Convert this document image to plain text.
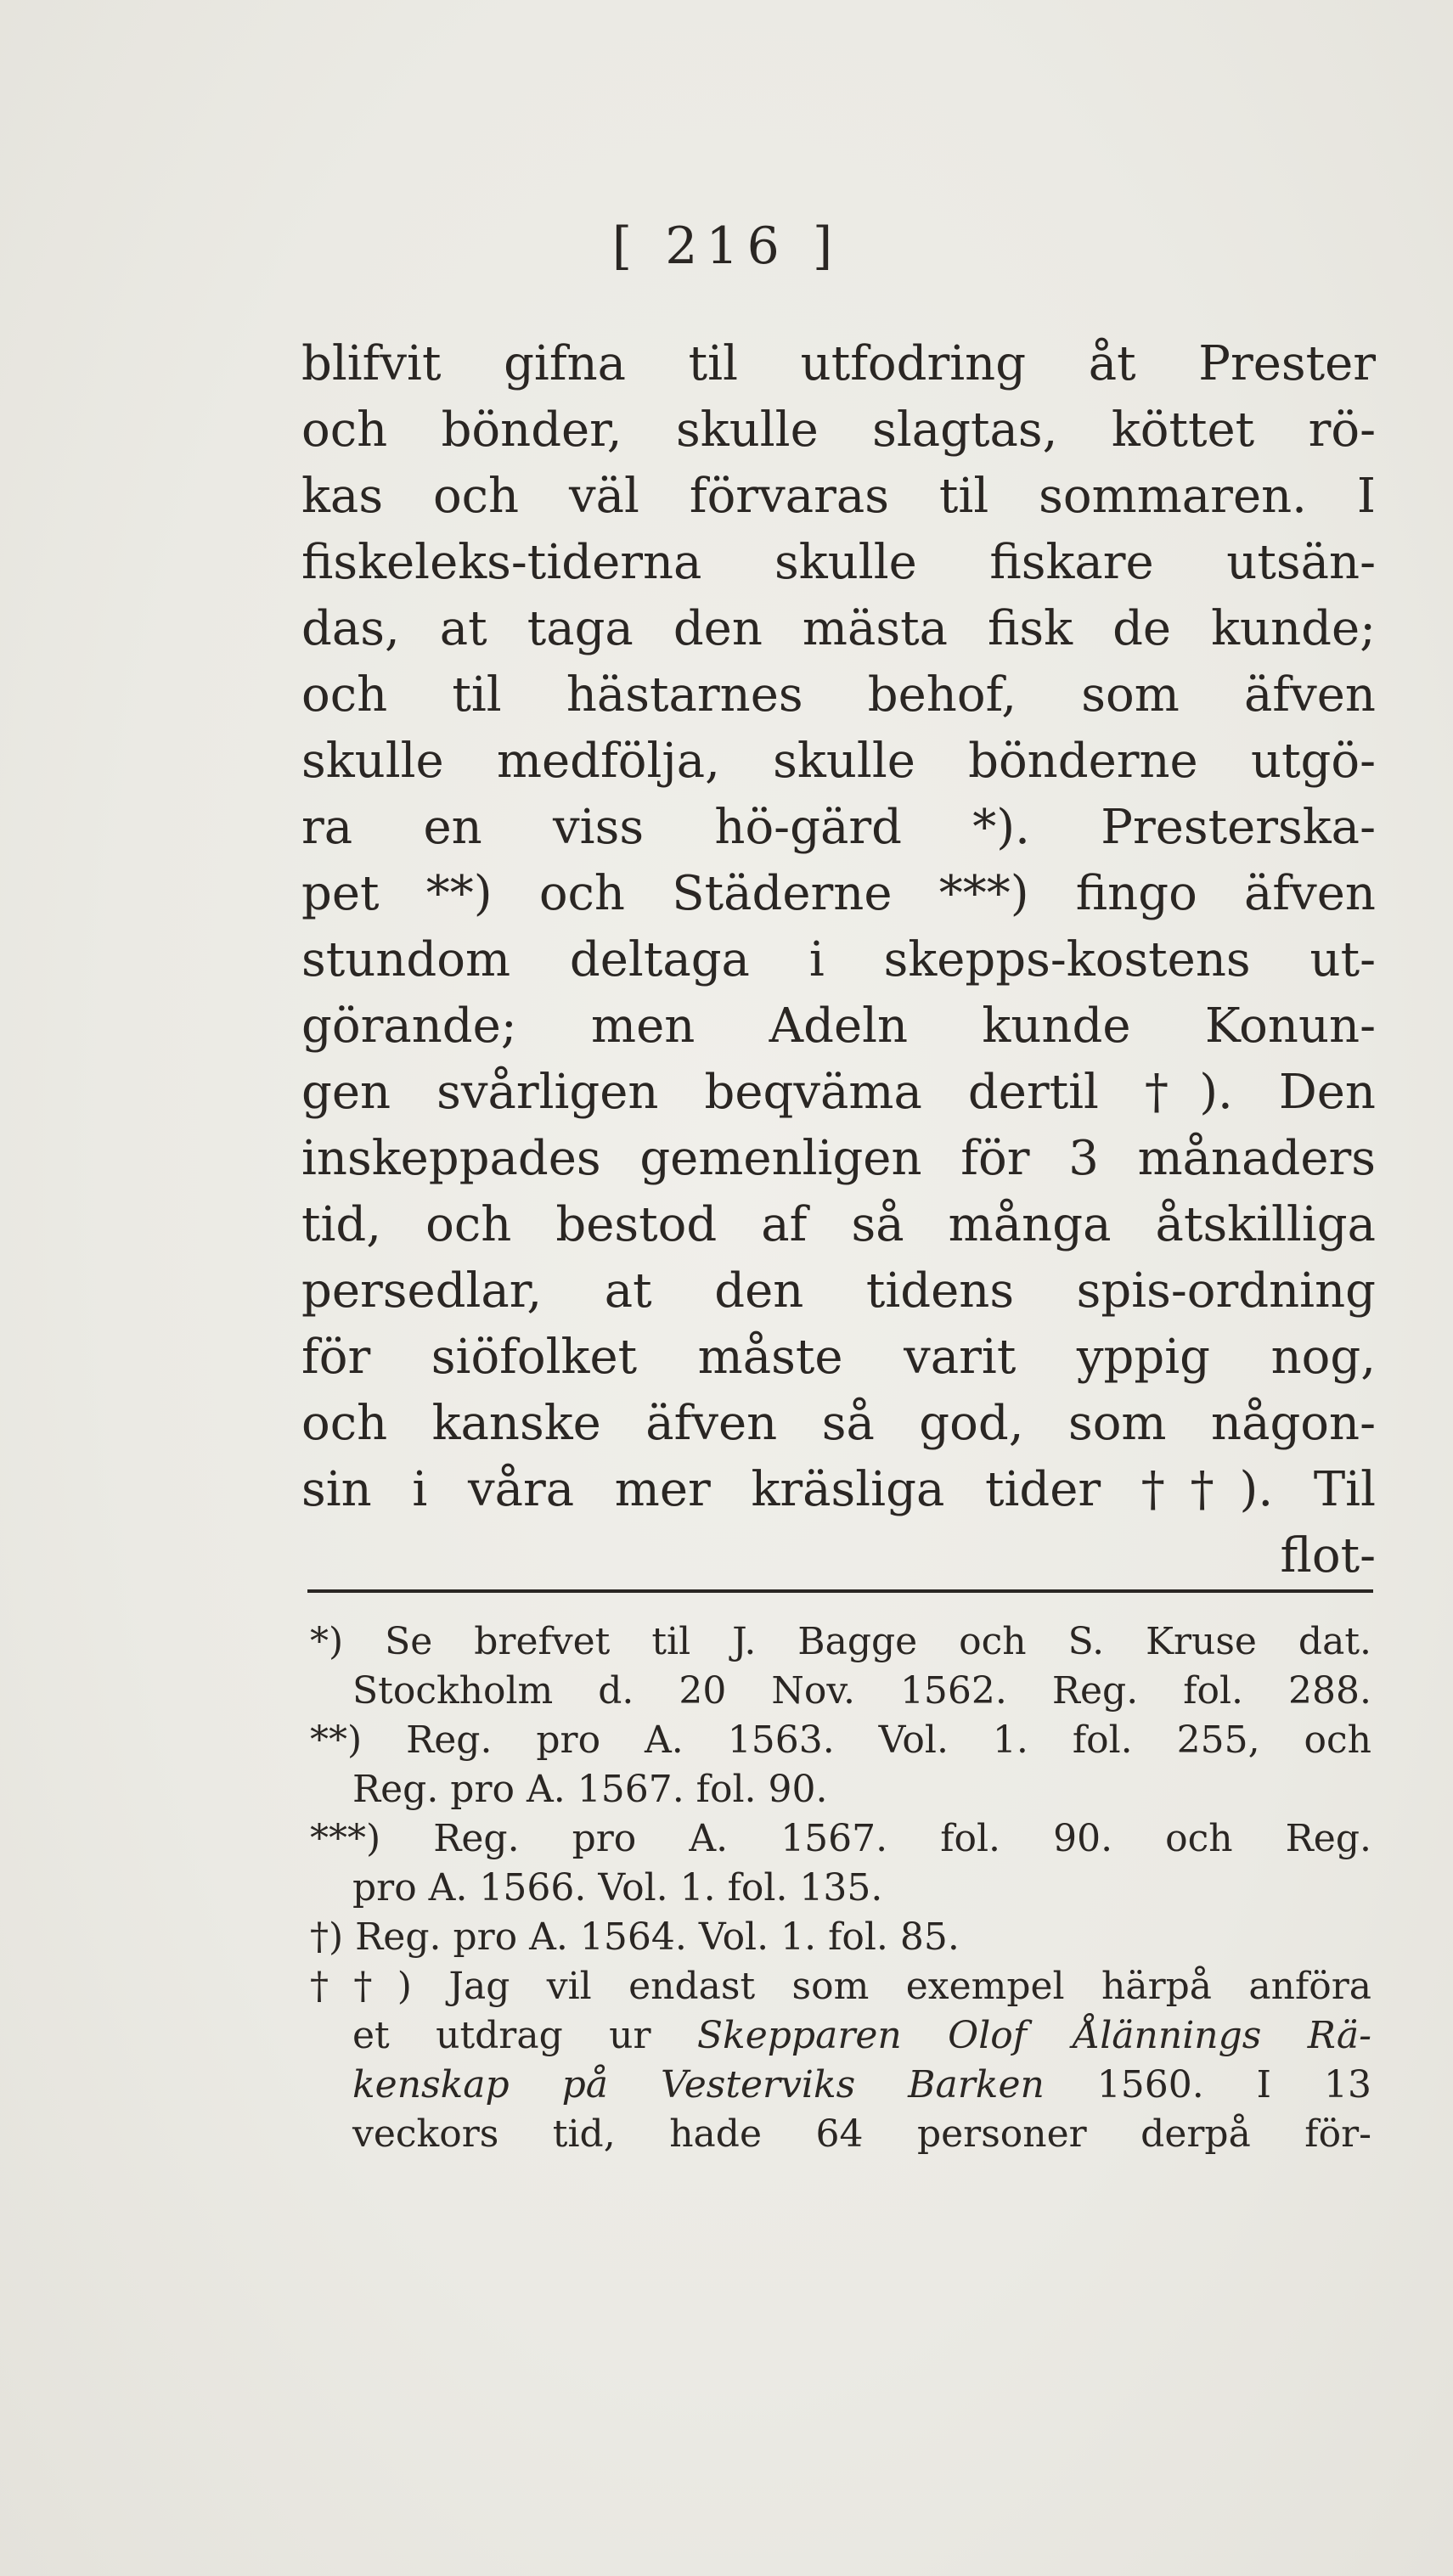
[ 216 ]
blifvit gifna til utfodring åt Prester
och bönder, skulle slagtas, köttet rö-
kas och väl förvaras til sommaren. I
fiskeleks-tiderna skulle fiskare utsän-
das, at taga den mästa fisk de kunde;
och til hästarnes behof, som äfven
skulle medfölja, skulle bönderne utgö-
ra en viss hö-gärd *). Presterska-
pet **) och Städerne ***) fingo äfven
stundom deltaga i skepps-kostens ut-
görande; men Adeln kunde Konun-
gen svårligen beqväma dertil †). Den
inskeppades gemenligen för 3 månaders
tid, och bestod af så många åtskilliga
persedlar, at den tidens spis-ordning
för siöfolket måste varit yppig nog,
och kanske äfven så god, som någon-
sin i våra mer kräsliga tider ††). Til
flot-
*) Se brefvet til J. Bagge och S. Kruse dat.
Stockholm d. 20 Nov. 1562. Reg. fol. 288.
**) Reg. pro A. 1563. Vol. 1. fol. 255, och
Reg. pro A. 1567. fol. 90.
***) Reg. pro A. 1567. fol. 90. och Reg.
pro A. 1566. Vol. 1. fol. 135.
†) Reg. pro A. 1564. Vol. 1. fol. 85.
††) Jag vil endast som exempel härpå anföra
et utdrag ur Skepparen Olof Ålännings Rä-
kenskap på Vesterviks Barken 1560. I 13
veckors tid, hade 64 personer derpå för-
